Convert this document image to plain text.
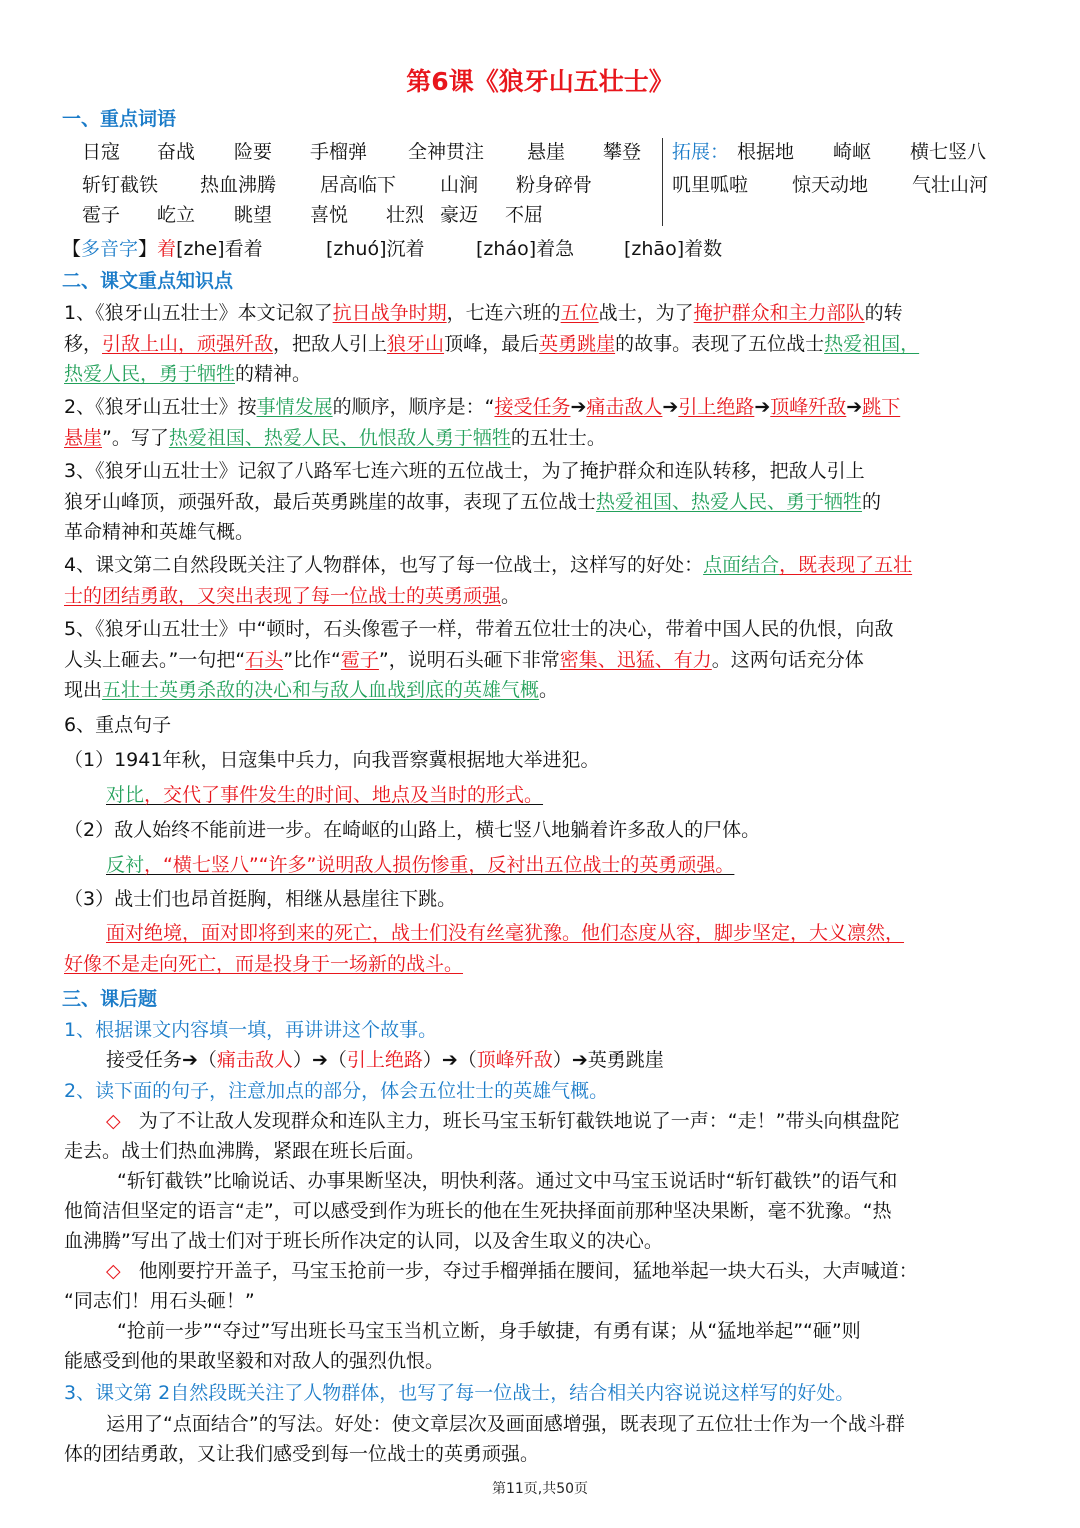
第6课《狼牙山五壮士》
一、重点词语
日寇 奋战 险要 手榴弹 全神贯注 悬崖 攀登
斩钉截铁 热血沸腾 居高临下 山涧 粉身碎骨
雹子 屹立 眺望 喜悦 壮烈 豪迈 不屈
拓展： 根据地 崎岖 横七竖八
叽里呱啦 惊天动地 气壮山河
【多音字】着[zhe]看着	[zhuó]沉着	[zháo]着急	[zhāo]着数
二、课文重点知识点
1、《狼牙山五壮士》本文记叙了抗日战争时期，七连六班的五位战士，为了掩护群众和主力部队的转
移，引敌上山，顽强歼敌，把敌人引上狼牙山顶峰，最后英勇跳崖的故事。表现了五位战士热爱祖国，
热爱人民，勇于牺牲的精神。
2、《狼牙山五壮士》按事情发展的顺序，顺序是：“接受任务➔痛击敌人➔引上绝路➔顶峰歼敌➔跳下
悬崖”。写了热爱祖国、热爱人民、仇恨敌人勇于牺牲的五壮士。
3、《狼牙山五壮士》记叙了八路军七连六班的五位战士，为了掩护群众和连队转移，把敌人引上
狼牙山峰顶，顽强歼敌，最后英勇跳崖的故事，表现了五位战士热爱祖国、热爱人民、勇于牺牲的
革命精神和英雄气概。
4、课文第二自然段既关注了人物群体，也写了每一位战士，这样写的好处：点面结合，既表现了五壮
士的团结勇敢，又突出表现了每一位战士的英勇顽强。
5、《狼牙山五壮士》中“顿时，石头像雹子一样，带着五位壮士的决心，带着中国人民的仇恨，向敌
人头上砸去。”一句把“石头”比作“雹子”，说明石头砸下非常密集、迅猛、有力。这两句话充分体
现出五壮士英勇杀敌的决心和与敌人血战到底的英雄气概。
6、重点句子
（1）1941年秋，日寇集中兵力，向我晋察冀根据地大举进犯。
对比，交代了事件发生的时间、地点及当时的形式。
（2）敌人始终不能前进一步。在崎岖的山路上，横七竖八地躺着许多敌人的尸体。
反衬，“横七竖八”“许多”说明敌人损伤惨重，反衬出五位战士的英勇顽强。
（3）战士们也昂首挺胸，相继从悬崖往下跳。
面对绝境，面对即将到来的死亡，战士们没有丝毫犹豫。他们态度从容，脚步坚定，大义凛然，
好像不是走向死亡，而是投身于一场新的战斗。
三、课后题
1、根据课文内容填一填，再讲讲这个故事。
接受任务➔（痛击敌人）➔（引上绝路）➔（顶峰歼敌）➔英勇跳崖
2、读下面的句子，注意加点的部分，体会五位壮士的英雄气概。
◇ 为了不让敌人发现群众和连队主力，班长马宝玉斩钉截铁地说了一声：“走！”带头向棋盘陀
走去。战士们热血沸腾，紧跟在班长后面。
“斩钉截铁”比喻说话、办事果断坚决，明快利落。通过文中马宝玉说话时“斩钉截铁”的语气和
他简洁但坚定的语言“走”，可以感受到作为班长的他在生死抉择面前那种坚决果断，毫不犹豫。“热
血沸腾”写出了战士们对于班长所作决定的认同，以及舍生取义的决心。
◇ 他刚要拧开盖子，马宝玉抢前一步，夺过手榴弹插在腰间，猛地举起一块大石头，大声喊道：
“同志们！用石头砸！”
“抢前一步”“夺过”写出班长马宝玉当机立断，身手敏捷，有勇有谋；从“猛地举起”“砸”则
能感受到他的果敢坚毅和对敌人的强烈仇恨。
3、课文第 2自然段既关注了人物群体，也写了每一位战士，结合相关内容说说这样写的好处。
运用了“点面结合”的写法。好处：使文章层次及画面感增强，既表现了五位壮士作为一个战斗群
体的团结勇敢，又让我们感受到每一位战士的英勇顽强。
第11页,共50页
